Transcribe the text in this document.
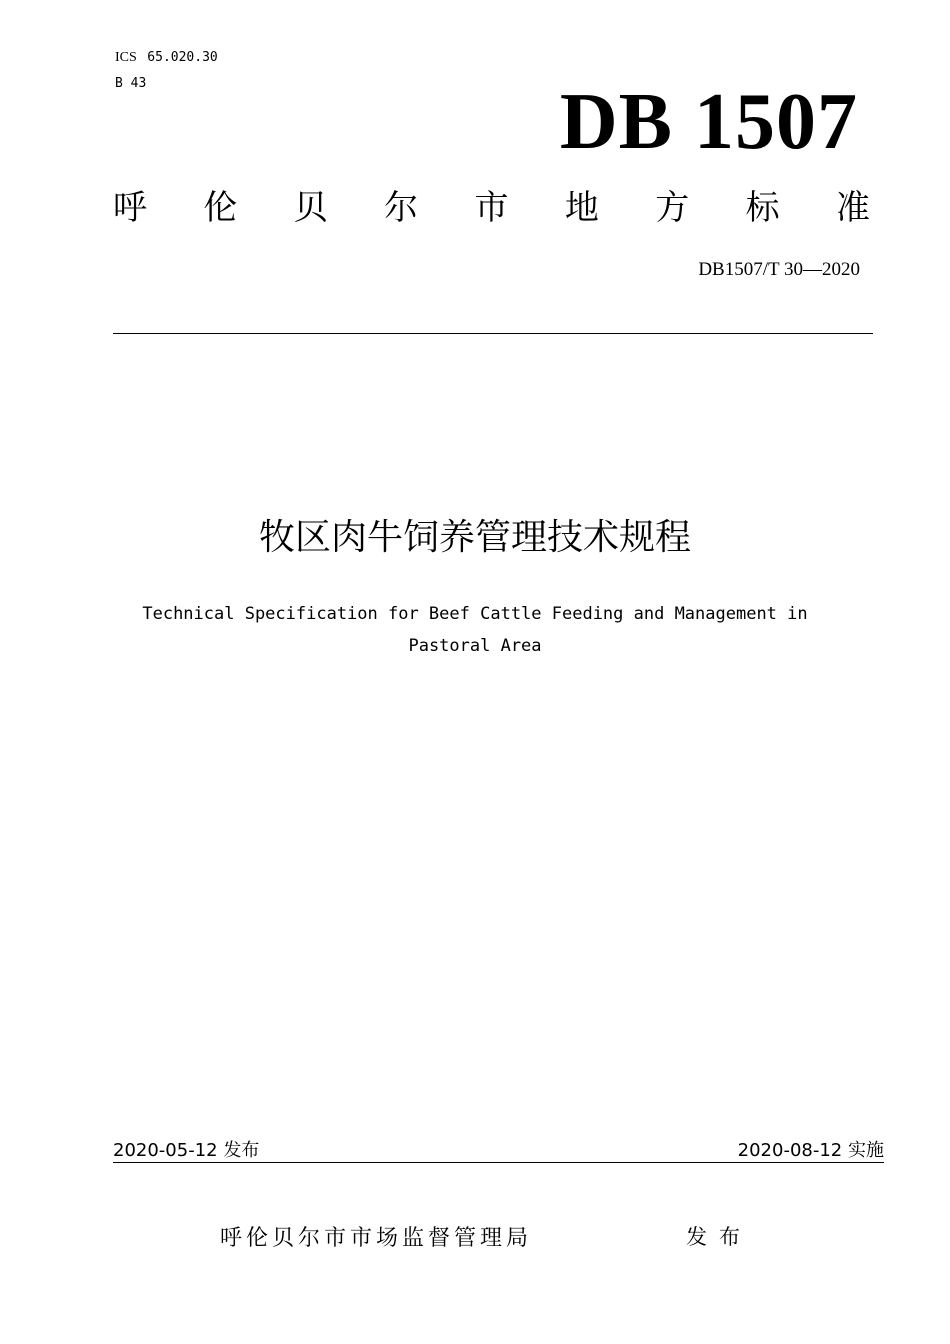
ICS 65.020.30
B 43	DB 1507
呼 伦 贝 尔 市 地 方 标 准
DB1507/T 30—2020
牧区肉牛饲养管理技术规程
Technical Specification for Beef Cattle Feeding and Management in
Pastoral Area
2020-05-12 发布	2020-08-12 实施
呼伦贝尔市市场监督管理局	发布
